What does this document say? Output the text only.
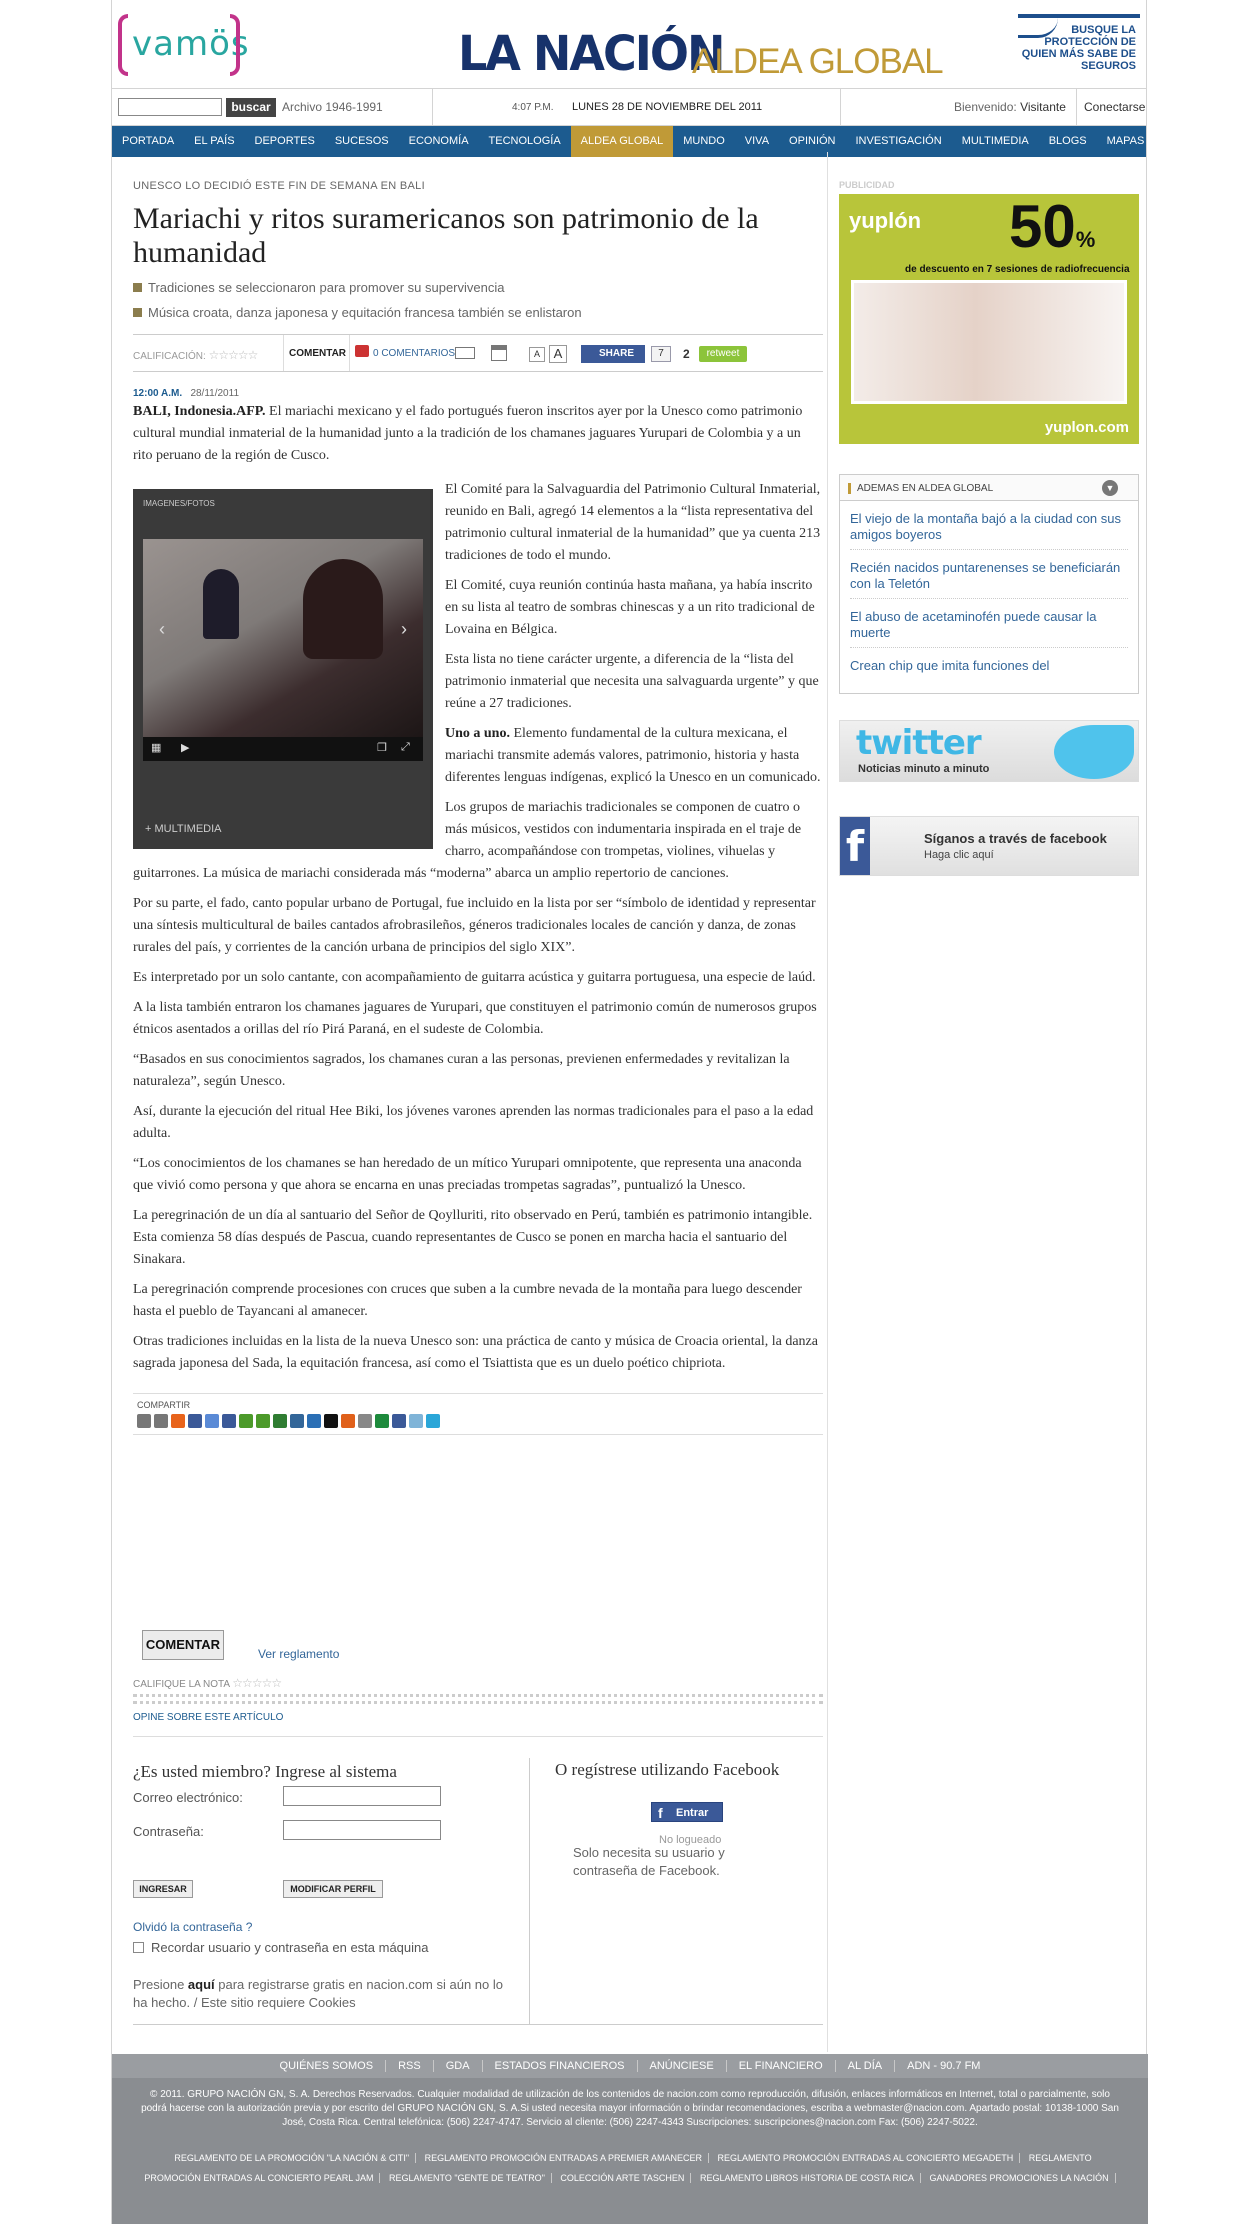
vamös	LA NACIÓN
ALDEA GLOBAL
BUSQUE LA PROTECCIÓN DE QUIEN MÁS SABE DE SEGUROS
buscar Archivo 1946-1991	4:07 P.M. LUNES 28 DE NOVIEMBRE DEL 2011	Bienvenido: Visitante Conectarse
PORTADA	EL PAÍS	DEPORTES	SUCESOS	ECONOMÍA	TECNOLOGÍA	ALDEA GLOBAL	MUNDO	VIVA	OPINIÓN	INVESTIGACIÓN	MULTIMEDIA	BLOGS	MAPAS	VIDEO
UNESCO LO DECIDIÓ ESTE FIN DE SEMANA EN BALI
Mariachi y ritos suramericanos son patrimonio de la humanidad
Tradiciones se seleccionaron para promover su supervivencia
Música croata, danza japonesa y equitación francesa también se enlistaron
CALIFICACIÓN: ☆☆☆☆☆	COMENTAR	0 COMENTARIOS	A	A	SHARE	7	2	retweet
12:00 A.M. 28/11/2011

BALI, Indonesia.AFP. El mariachi mexicano y el fado portugués fueron inscritos ayer por la Unesco como patrimonio cultural mundial inmaterial de la humanidad junto a la tradición de los chamanes jaguares Yurupari de Colombia y a un rito peruano de la región de Cusco.

IMAGENES/FOTOS
‹	›
▦ ▶	❐ ⤢
+ MULTIMEDIA

El Comité para la Salvaguardia del Patrimonio Cultural Inmaterial, reunido en Bali, agregó 14 elementos a la “lista representativa del patrimonio cultural inmaterial de la humanidad” que ya cuenta 213 tradiciones de todo el mundo.

El Comité, cuya reunión continúa hasta mañana, ya había inscrito en su lista al teatro de sombras chinescas y a un rito tradicional de Lovaina en Bélgica.

Esta lista no tiene carácter urgente, a diferencia de la “lista del patrimonio inmaterial que necesita una salvaguarda urgente” y que reúne a 27 tradiciones.

Uno a uno. Elemento fundamental de la cultura mexicana, el mariachi transmite además valores, patrimonio, historia y hasta diferentes lenguas indígenas, explicó la Unesco en un comunicado.

Los grupos de mariachis tradicionales se componen de cuatro o más músicos, vestidos con indumentaria inspirada en el traje de charro, acompañándose con trompetas, violines, vihuelas y guitarrones. La música de mariachi considerada más “moderna” abarca un amplio repertorio de canciones.

Por su parte, el fado, canto popular urbano de Portugal, fue incluido en la lista por ser “símbolo de identidad y representar una síntesis multicultural de bailes cantados afrobrasileños, géneros tradicionales locales de canción y danza, de zonas rurales del país, y corrientes de la canción urbana de principios del siglo XIX”.

Es interpretado por un solo cantante, con acompañamiento de guitarra acústica y guitarra portuguesa, una especie de laúd.

A la lista también entraron los chamanes jaguares de Yurupari, que constituyen el patrimonio común de numerosos grupos étnicos asentados a orillas del río Pirá Paraná, en el sudeste de Colombia.

“Basados en sus conocimientos sagrados, los chamanes curan a las personas, previenen enfermedades y revitalizan la naturaleza”, según Unesco.

Así, durante la ejecución del ritual Hee Biki, los jóvenes varones aprenden las normas tradicionales para el paso a la edad adulta.

“Los conocimientos de los chamanes se han heredado de un mítico Yurupari omnipotente, que representa una anaconda que vivió como persona y que ahora se encarna en unas preciadas trompetas sagradas”, puntualizó la Unesco.

La peregrinación de un día al santuario del Señor de Qoylluriti, rito observado en Perú, también es patrimonio intangible. Esta comienza 58 días después de Pascua, cuando representantes de Cusco se ponen en marcha hacia el santuario del Sinakara.

La peregrinación comprende procesiones con cruces que suben a la cumbre nevada de la montaña para luego descender hasta el pueblo de Tayancani al amanecer.

Otras tradiciones incluidas en la lista de la nueva Unesco son: una práctica de canto y música de Croacia oriental, la danza sagrada japonesa del Sada, la equitación francesa, así como el Tsiattista que es un duelo poético chipriota.

COMPARTIR
COMENTAR
Ver reglamento
CALIFIQUE LA NOTA ☆☆☆☆☆
OPINE SOBRE ESTE ARTÍCULO
¿Es usted miembro? Ingrese al sistema
Correo electrónico:
Contraseña:
INGRESAR	MODIFICAR PERFIL
Olvidó la contraseña ?
Recordar usuario y contraseña en esta máquina
Presione aquí para registrarse gratis en nacion.com si aún no lo ha hecho. / Este sitio requiere Cookies
O regístrese utilizando Facebook
f Entrar
No logueado
Solo necesita su usuario y contraseña de Facebook.
PUBLICIDAD
yuplón 50%
de descuento en 7 sesiones de radiofrecuencia
yuplon.com
ADEMAS EN ALDEA GLOBAL	▼
El viejo de la montaña bajó a la ciudad con sus amigos boyeros
Recién nacidos puntarenenses se beneficiarán con la Teletón
El abuso de acetaminofén puede causar la muerte
Crean chip que imita funciones del
twitter
Noticias minuto a minuto
f	Síganos a través de facebook
Haga clic aquí
QUIÉNES SOMOS RSS GDA ESTADOS FINANCIEROS ANÚNCIESE EL FINANCIERO AL DÍA ADN - 90.7 FM
© 2011. GRUPO NACIÓN GN, S. A. Derechos Reservados. Cualquier modalidad de utilización de los contenidos de nacion.com como reproducción, difusión, enlaces informáticos en Internet, total o parcialmente, solo podrá hacerse con la autorización previa y por escrito del GRUPO NACIÓN GN, S. A.Si usted necesita mayor información o brindar recomendaciones, escriba a webmaster@nacion.com. Apartado postal: 10138-1000 San José, Costa Rica. Central telefónica: (506) 2247-4747. Servicio al cliente: (506) 2247-4343 Suscripciones: suscripciones@nacion.com Fax: (506) 2247-5022.
REGLAMENTO DE LA PROMOCIÓN "LA NACIÓN & CITI" REGLAMENTO PROMOCIÓN ENTRADAS A PREMIER AMANECER REGLAMENTO PROMOCIÓN ENTRADAS AL CONCIERTO MEGADETH REGLAMENTO PROMOCIÓN ENTRADAS AL CONCIERTO PEARL JAM REGLAMENTO "GENTE DE TEATRO" COLECCIÓN ARTE TASCHEN REGLAMENTO LIBROS HISTORIA DE COSTA RICA GANADORES PROMOCIONES LA NACIÓN
